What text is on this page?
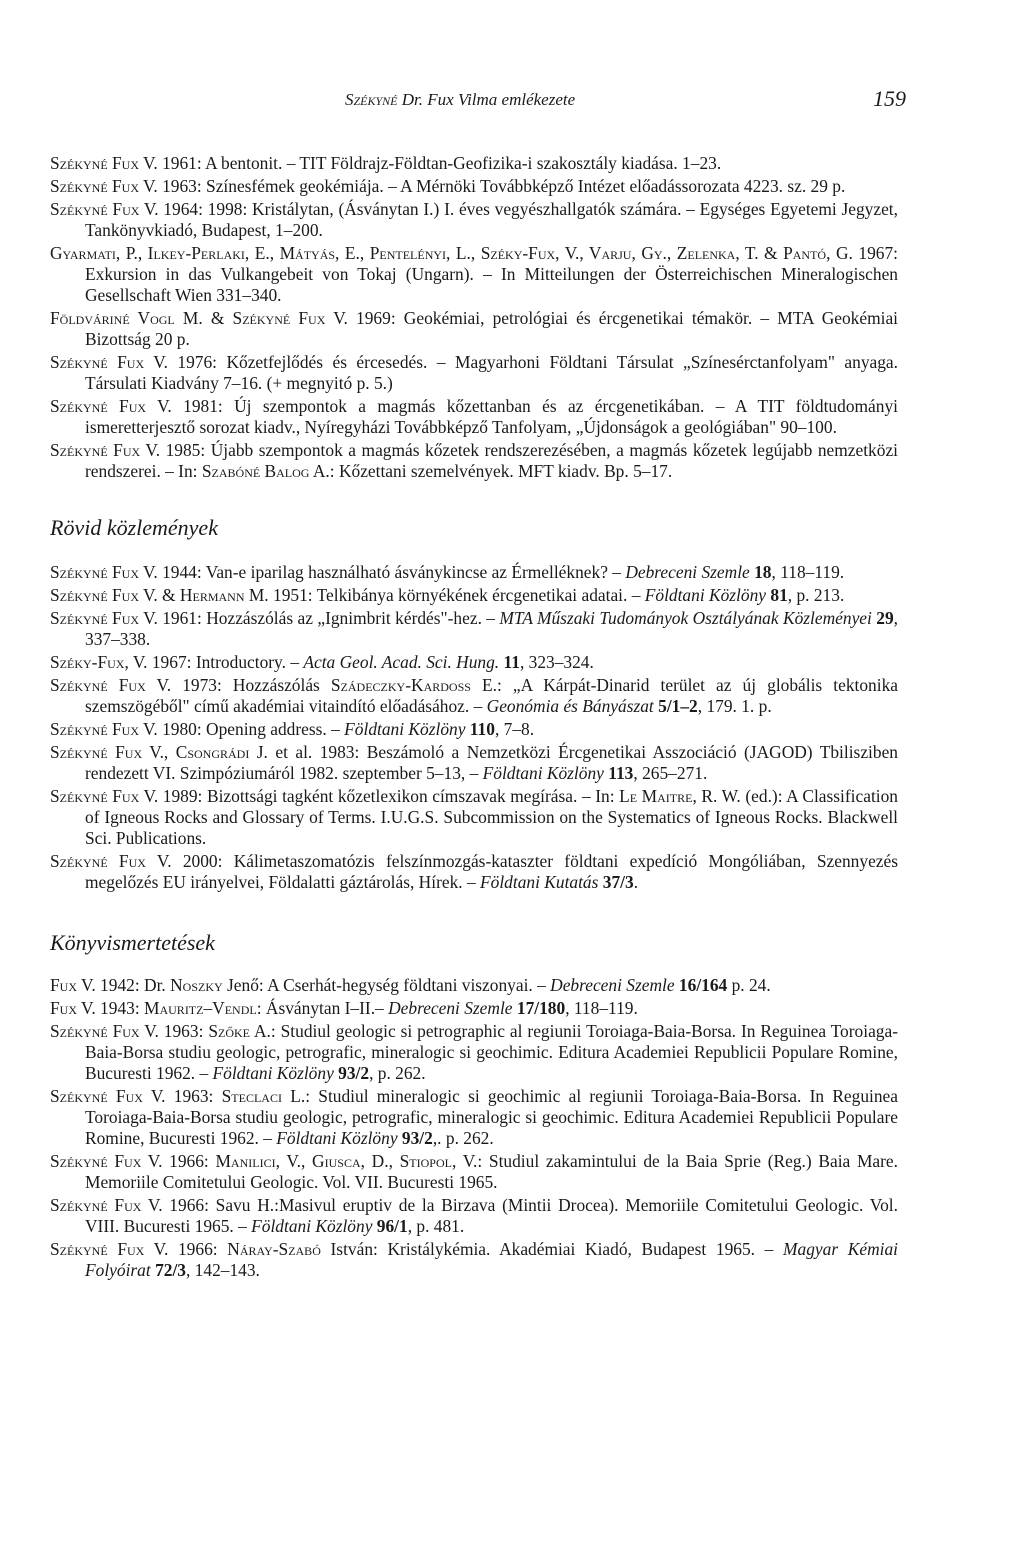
Székyné Dr. Fux Vilma emlékezete	159

Székyné Fux V. 1961: A bentonit. – TIT Földrajz-Földtan-Geofizika-i szakosztály kiadása. 1–23.

Székyné Fux V. 1963: Színesfémek geokémiája. – A Mérnöki Továbbképző Intézet előadássorozata 4223. sz. 29 p.

Székyné Fux V. 1964: 1998: Kristálytan, (Ásványtan I.) I. éves vegyészhallgatók számára. – Egységes Egyetemi Jegyzet, Tankönyvkiadó, Budapest, 1–200.

Gyarmati, P., Ilkey-Perlaki, E., Mátyás, E., Pentelényi, L., Széky-Fux, V., Varju, Gy., Zelenka, T. & Pantó, G. 1967: Exkursion in das Vulkangebeit von Tokaj (Ungarn). – In Mitteilungen der Österreichischen Mineralogischen Gesellschaft Wien 331–340.

Földváriné Vogl M. & Székyné Fux V. 1969: Geokémiai, petrológiai és ércgenetikai témakör. – MTA Geokémiai Bizottság 20 p.

Székyné Fux V. 1976: Kőzetfejlődés és ércesedés. – Magyarhoni Földtani Társulat „Színesérctanfolyam" anyaga. Társulati Kiadvány 7–16. (+ megnyitó p. 5.)

Székyné Fux V. 1981: Új szempontok a magmás kőzettanban és az ércgenetikában. – A TIT földtudományi ismeretterjesztő sorozat kiadv., Nyíregyházi Továbbképző Tanfolyam, „Újdonságok a geológiában" 90–100.

Székyné Fux V. 1985: Újabb szempontok a magmás kőzetek rendszerezésében, a magmás kőzetek legújabb nemzetközi rendszerei. – In: Szabóné Balog A.: Kőzettani szemelvények. MFT kiadv. Bp. 5–17.

Rövid közlemények

Székyné Fux V. 1944: Van-e iparilag használható ásványkincse az Érmelléknek? – Debreceni Szemle 18, 118–119.

Székyné Fux V. & Hermann M. 1951: Telkibánya környékének ércgenetikai adatai. – Földtani Közlöny 81, p. 213.

Székyné Fux V. 1961: Hozzászólás az „Ignimbrit kérdés"-hez. – MTA Műszaki Tudományok Osztályának Közleményei 29, 337–338.

Széky-Fux, V. 1967: Introductory. – Acta Geol. Acad. Sci. Hung. 11, 323–324.

Székyné Fux V. 1973: Hozzászólás Szádeczky-Kardoss E.: „A Kárpát-Dinarid terület az új globális tektonika szemszögéből" című akadémiai vitaindító előadásához. – Geonómia és Bányászat 5/1–2, 179. 1. p.

Székyné Fux V. 1980: Opening address. – Földtani Közlöny 110, 7–8.

Székyné Fux V., Csongrádi J. et al. 1983: Beszámoló a Nemzetközi Ércgenetikai Asszociáció (JAGOD) Tbilisziben rendezett VI. Szimpóziumáról 1982. szeptember 5–13, – Földtani Közlöny 113, 265–271.

Székyné Fux V. 1989: Bizottsági tagként kőzetlexikon címszavak megírása. – In: Le Maitre, R. W. (ed.): A Classification of Igneous Rocks and Glossary of Terms. I.U.G.S. Subcommission on the Systematics of Igneous Rocks. Blackwell Sci. Publications.

Székyné Fux V. 2000: Kálimetaszomatózis felszínmozgás-kataszter földtani expedíció Mongóliában, Szennyezés megelőzés EU irányelvei, Földalatti gáztárolás, Hírek. – Földtani Kutatás 37/3.

Könyvismertetések

Fux V. 1942: Dr. Noszky Jenő: A Cserhát-hegység földtani viszonyai. – Debreceni Szemle 16/164 p. 24.

Fux V. 1943: Mauritz–Vendl: Ásványtan I–II.– Debreceni Szemle 17/180, 118–119.

Székyné Fux V. 1963: Szőke A.: Studiul geologic si petrographic al regiunii Toroiaga-Baia-Borsa. In Reguinea Toroiaga-Baia-Borsa studiu geologic, petrografic, mineralogic si geochimic. Editura Academiei Republicii Populare Romine, Bucuresti 1962. – Földtani Közlöny 93/2, p. 262.

Székyné Fux V. 1963: Steclaci L.: Studiul mineralogic si geochimic al regiunii Toroiaga-Baia-Borsa. In Reguinea Toroiaga-Baia-Borsa studiu geologic, petrografic, mineralogic si geochimic. Editura Academiei Republicii Populare Romine, Bucuresti 1962. – Földtani Közlöny 93/2,. p. 262.

Székyné Fux V. 1966: Manilici, V., Giusca, D., Stiopol, V.: Studiul zakamintului de la Baia Sprie (Reg.) Baia Mare. Memoriile Comitetului Geologic. Vol. VII. Bucuresti 1965.

Székyné Fux V. 1966: Savu H.:Masivul eruptiv de la Birzava (Mintii Drocea). Memoriile Comitetului Geologic. Vol. VIII. Bucuresti 1965. – Földtani Közlöny 96/1, p. 481.

Székyné Fux V. 1966: Náray-Szabó István: Kristálykémia. Akadémiai Kiadó, Budapest 1965. – Magyar Kémiai Folyóirat 72/3, 142–143.
